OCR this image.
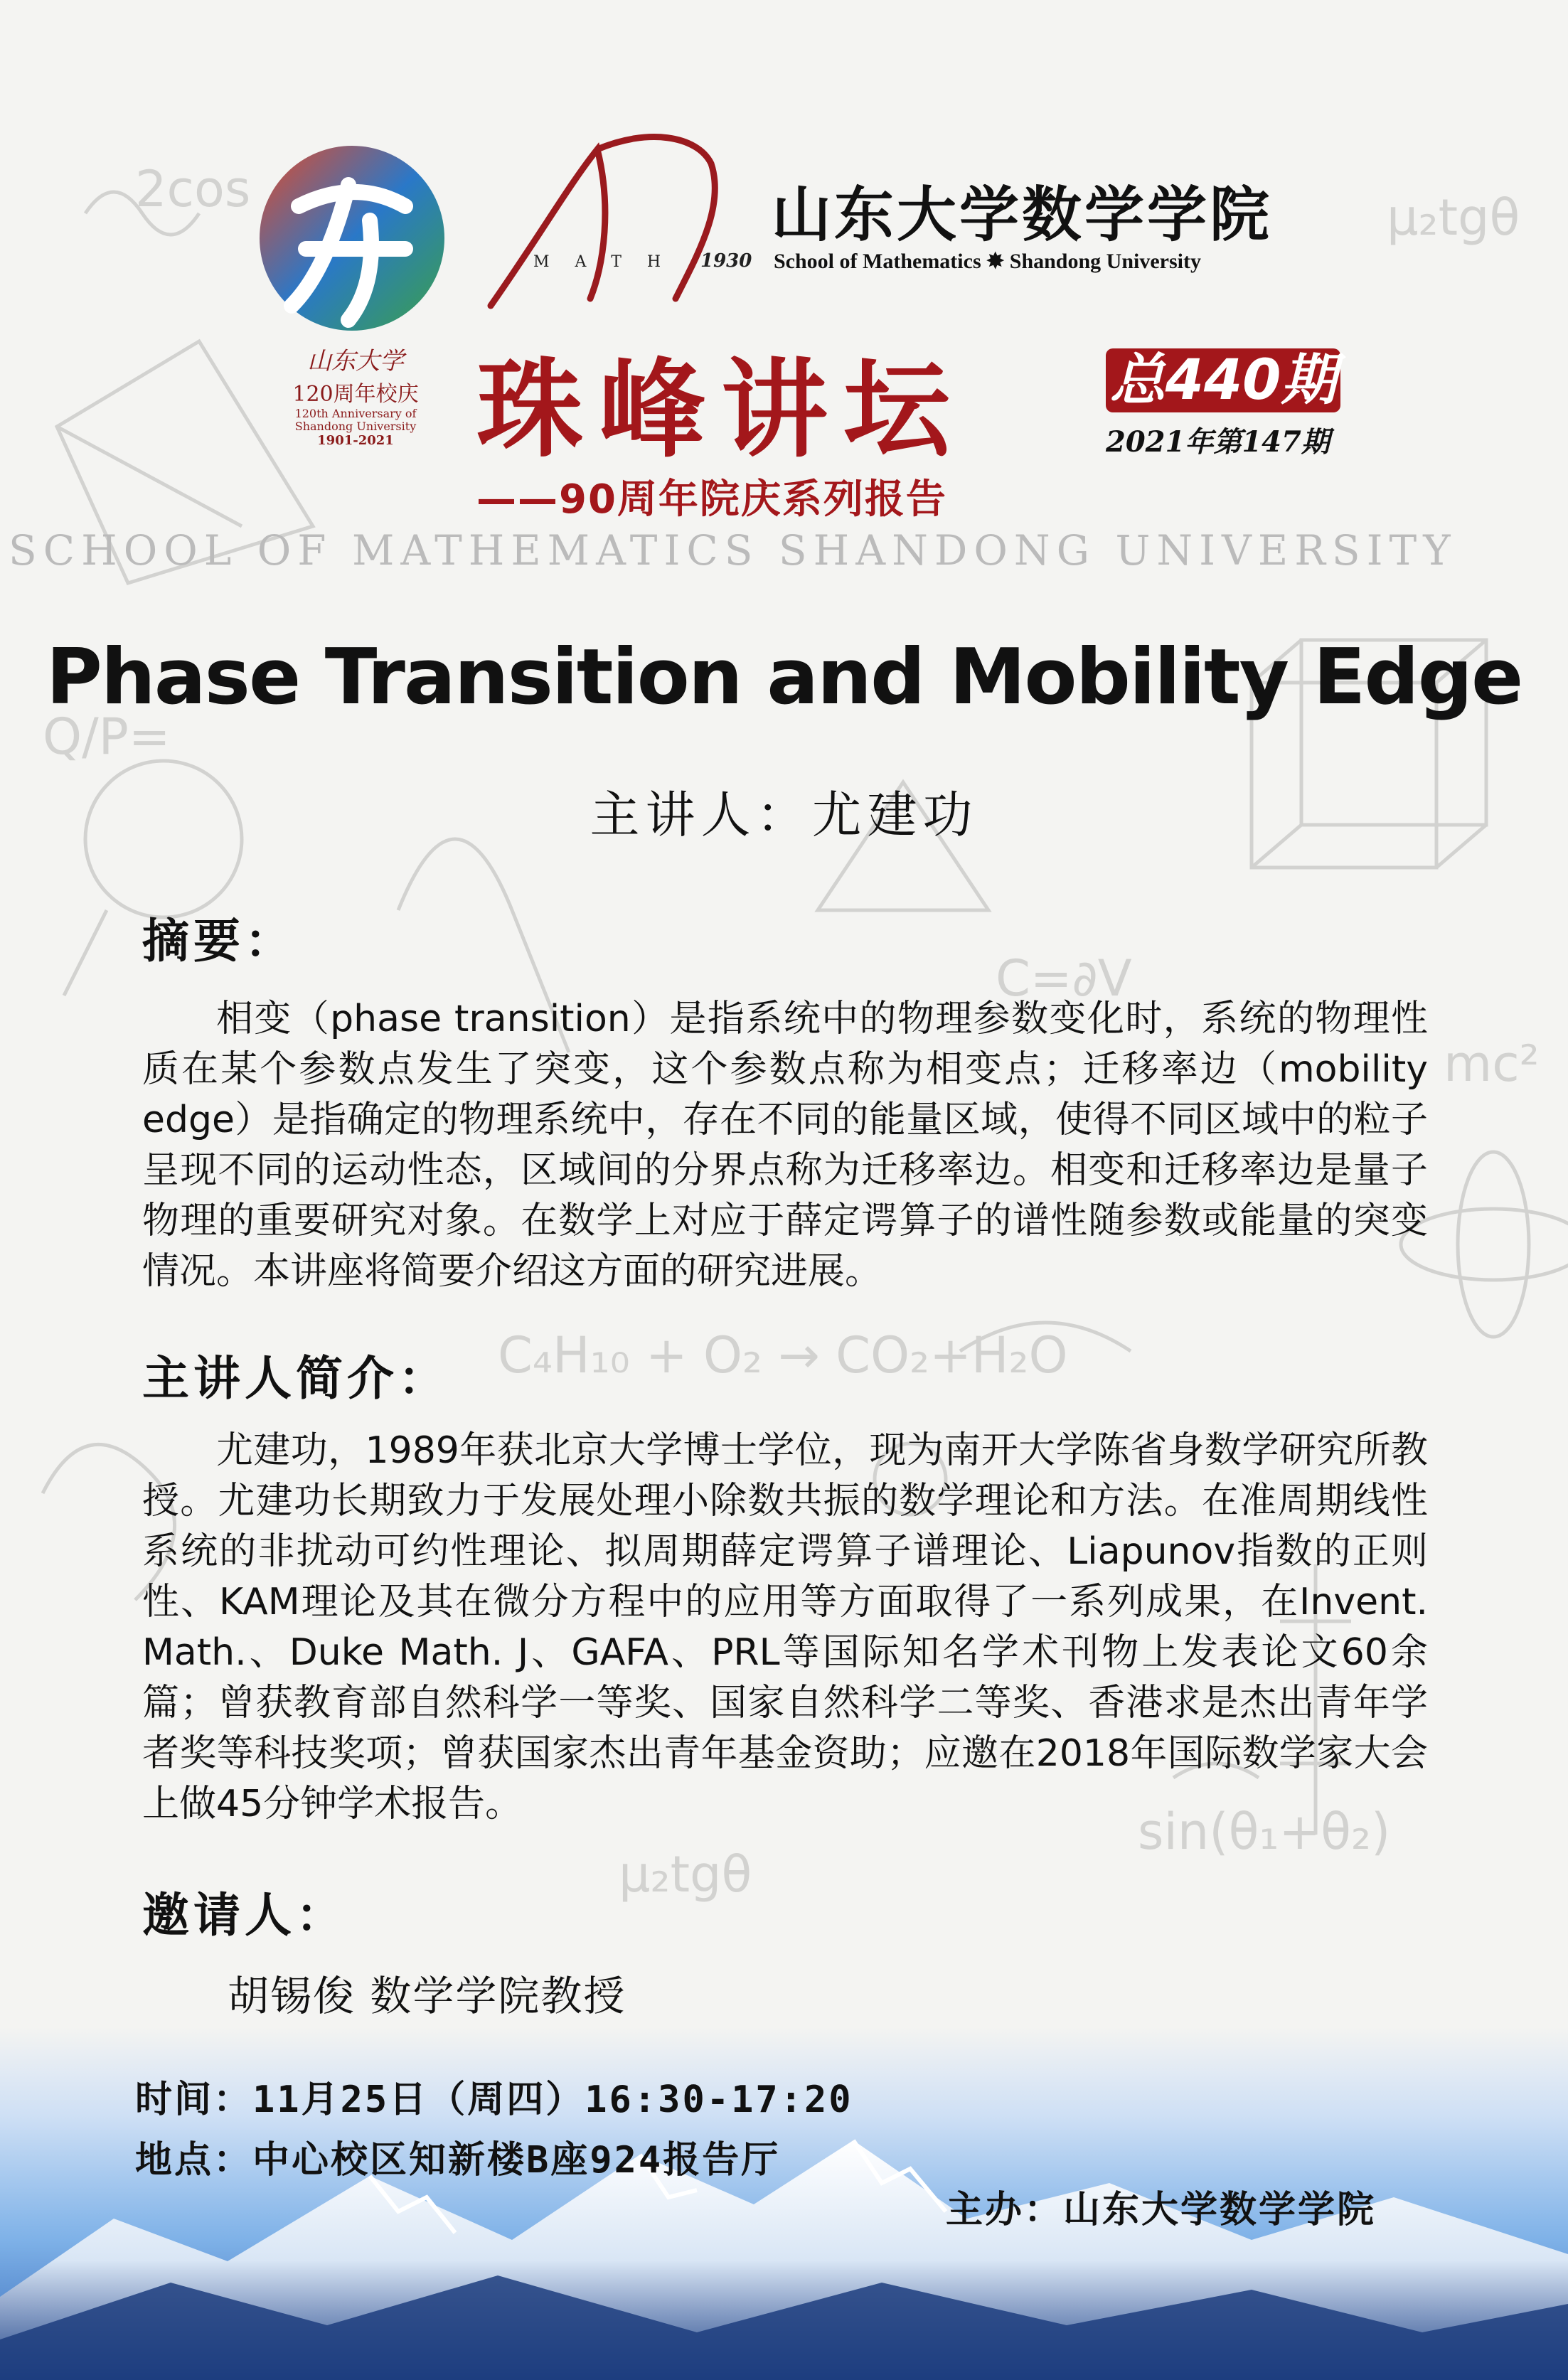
2cos
Q/P=
C=∂V
C₄H₁₀ + O₂ → CO₂+H₂O
mc²
sin(θ₁+θ₂)
μ₂tgθ
μ₂tgθ
山东大学
120周年校庆
120th Anniversary of
Shandong University
1901-2021
MATH 1930
山东大学数学学院
School of Mathematics ✸ Shandong University
珠峰讲坛	总440期
2021年第147期
——90周年院庆系列报告
SCHOOL OF MATHEMATICS SHANDONG UNIVERSITY
Phase Transition and Mobility Edge
主讲人：尤建功
摘要：
相变（phase transition）是指系统中的物理参数变化时，系统的物理性质在某个参数点发生了突变，这个参数点称为相变点；迁移率边（mobility edge）是指确定的物理系统中，存在不同的能量区域，使得不同区域中的粒子呈现不同的运动性态，区域间的分界点称为迁移率边。相变和迁移率边是量子物理的重要研究对象。在数学上对应于薛定谔算子的谱性随参数或能量的突变情况。本讲座将简要介绍这方面的研究进展。
主讲人简介：
尤建功，1989年获北京大学博士学位，现为南开大学陈省身数学研究所教授。尤建功长期致力于发展处理小除数共振的数学理论和方法。在准周期线性系统的非扰动可约性理论、拟周期薛定谔算子谱理论、Liapunov指数的正则性、KAM理论及其在微分方程中的应用等方面取得了一系列成果，在Invent. Math.、Duke Math. J、GAFA、PRL等国际知名学术刊物上发表论文60余篇；曾获教育部自然科学一等奖、国家自然科学二等奖、香港求是杰出青年学者奖等科技奖项；曾获国家杰出青年基金资助；应邀在2018年国际数学家大会上做45分钟学术报告。
邀请人：
胡锡俊 数学学院教授
时间：11月25日（周四）16:30-17:20
地点：中心校区知新楼B座924报告厅
主办：山东大学数学学院
